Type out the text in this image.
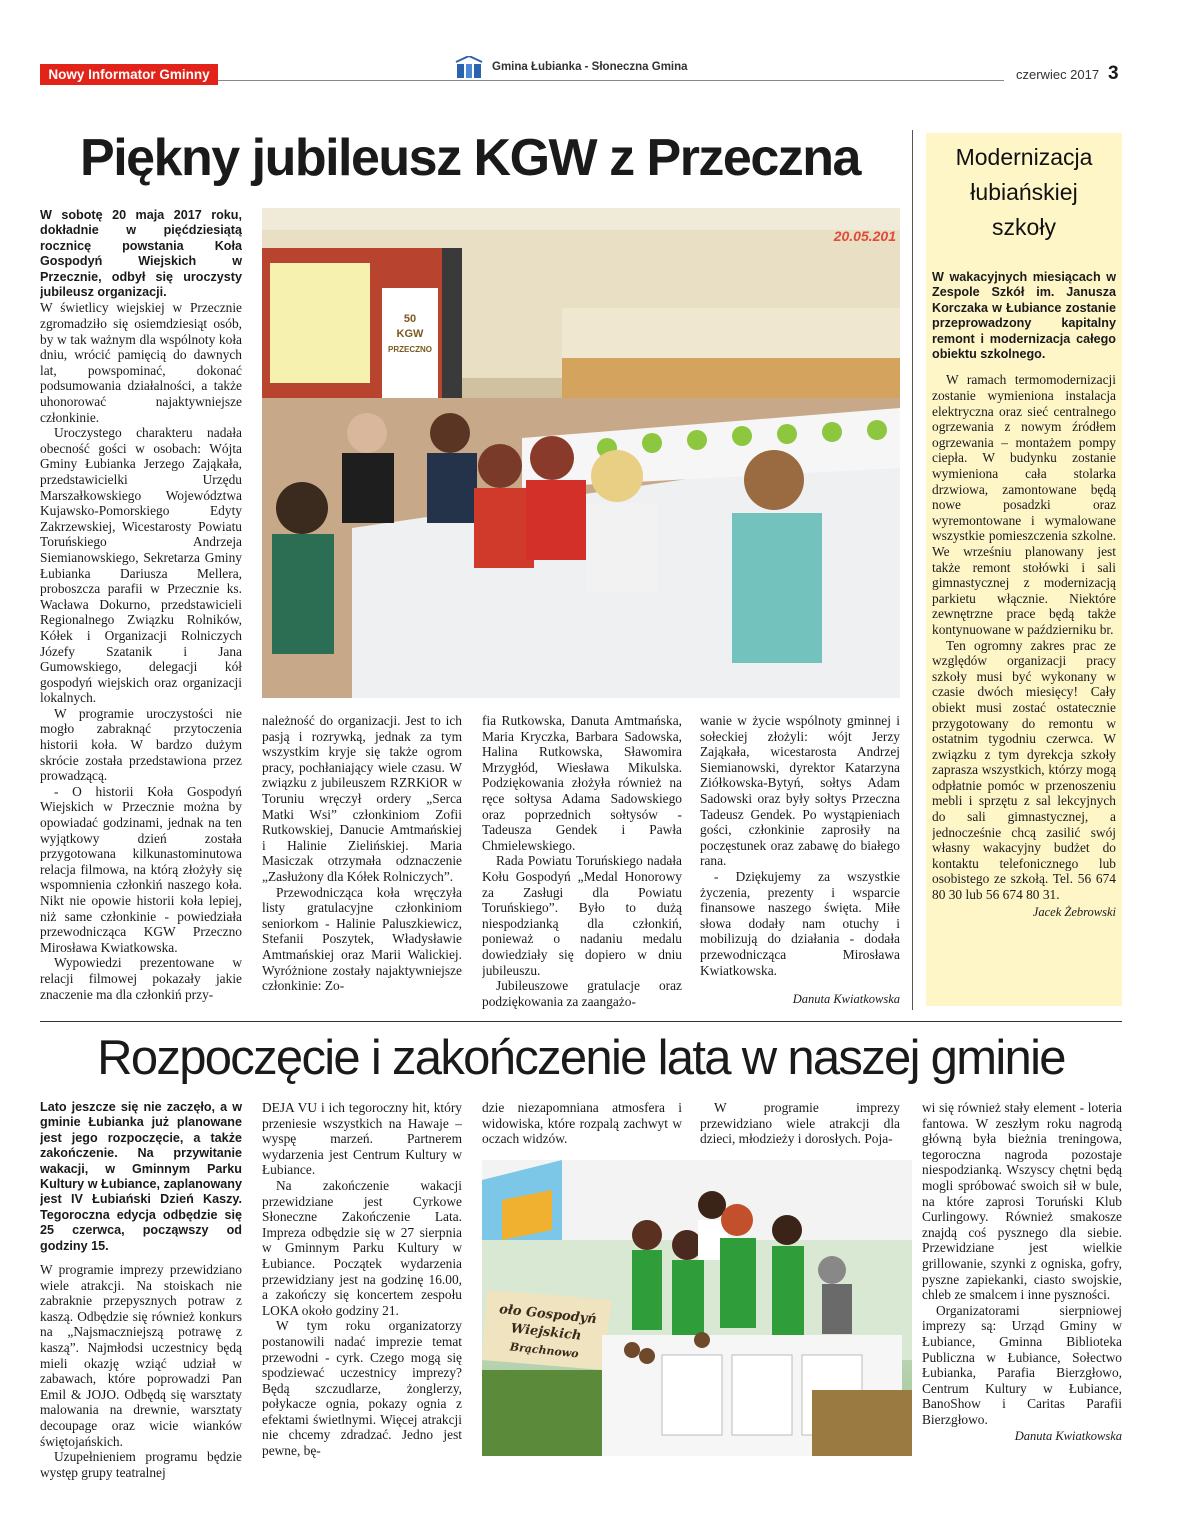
Nowy Informator Gminny	Gmina Łubianka - Słoneczna Gmina	czerwiec 2017 3
Piękny jubileusz KGW z Przeczna

W sobotę 20 maja 2017 roku, dokładnie w pięćdziesiątą rocznicę powstania Koła Gospodyń Wiejskich w Przecznie, odbył się uroczysty jubileusz organizacji.

W świetlicy wiejskiej w Przecznie zgromadziło się osiemdziesiąt osób, by w tak ważnym dla wspólnoty koła dniu, wrócić pamięcią do dawnych lat, powspominać, dokonać podsumowania działalności, a także uhonorować najaktywniejsze członkinie.

Uroczystego charakteru nadała obecność gości w osobach: Wójta Gminy Łubianka Jerzego Zająkała, przedstawicielki Urzędu Marszałkowskiego Województwa Kujawsko-Pomorskiego Edyty Zakrzewskiej, Wicestarosty Powiatu Toruńskiego Andrzeja Siemianowskiego, Sekretarza Gminy Łubianka Dariusza Mellera, proboszcza parafii w Przecznie ks. Wacława Dokurno, przedstawicieli Regionalnego Związku Rolników, Kółek i Organizacji Rolniczych Józefy Szatanik i Jana Gumowskiego, delegacji kół gospodyń wiejskich oraz organizacji lokalnych.

W programie uroczystości nie mogło zabraknąć przytoczenia historii koła. W bardzo dużym skrócie została przedstawiona przez prowadzącą.

- O historii Koła Gospodyń Wiejskich w Przecznie można by opowiadać godzinami, jednak na ten wyjątkowy dzień została przygotowana kilkunastominutowa relacja filmowa, na którą złożyły się wspomnienia członkiń naszego koła. Nikt nie opowie historii koła lepiej, niż same członkinie - powiedziała przewodnicząca KGW Przeczno Mirosława Kwiatkowska.

Wypowiedzi prezentowane w relacji filmowej pokazały jakie znaczenie ma dla członkiń przy-

20.05.201
50
KGW
PRZECZNO

należność do organizacji. Jest to ich pasją i rozrywką, jednak za tym wszystkim kryje się także ogrom pracy, pochłaniający wiele czasu. W związku z jubileuszem RZRKiOR w Toruniu wręczył ordery „Serca Matki Wsi” członkiniom Zofii Rutkowskiej, Danucie Amtmańskiej i Halinie Zielińskiej. Maria Masiczak otrzymała odznaczenie „Zasłużony dla Kółek Rolniczych”.

Przewodnicząca koła wręczyła listy gratulacyjne członkiniom seniorkom - Halinie Paluszkiewicz, Stefanii Poszytek, Władysławie Amtmańskiej oraz Marii Walickiej. Wyróżnione zostały najaktywniejsze członkinie: Zo-

fia Rutkowska, Danuta Amtmańska, Maria Kryczka, Barbara Sadowska, Halina Rutkowska, Sławomira Mrzygłód, Wiesława Mikulska. Podziękowania złożyła również na ręce sołtysa Adama Sadowskiego oraz poprzednich sołtysów - Tadeusza Gendek i Pawła Chmielewskiego.

Rada Powiatu Toruńskiego nadała Kołu Gospodyń „Medal Honorowy za Zasługi dla Powiatu Toruńskiego”. Było to dużą niespodzianką dla członkiń, ponieważ o nadaniu medalu dowiedziały się dopiero w dniu jubileuszu.

Jubileuszowe gratulacje oraz podziękowania za zaangażo-

wanie w życie wspólnoty gminnej i sołeckiej złożyli: wójt Jerzy Zająkała, wicestarosta Andrzej Siemianowski, dyrektor Katarzyna Ziółkowska-Bytyń, sołtys Adam Sadowski oraz były sołtys Przeczna Tadeusz Gendek. Po wystąpieniach gości, członkinie zaprosiły na poczęstunek oraz zabawę do białego rana.

- Dziękujemy za wszystkie życzenia, prezenty i wsparcie finansowe naszego święta. Miłe słowa dodały nam otuchy i mobilizują do działania - dodała przewodnicząca Mirosława Kwiatkowska.

Danuta Kwiatkowska

Modernizacja
łubiańskiej
szkoły

W wakacyjnych miesiącach w Zespole Szkół im. Janusza Korczaka w Łubiance zostanie przeprowadzony kapitalny remont i modernizacja całego obiektu szkolnego.

W ramach termomodernizacji zostanie wymieniona instalacja elektryczna oraz sieć centralnego ogrzewania z nowym źródłem ogrzewania – montażem pompy ciepła. W budynku zostanie wymieniona cała stolarka drzwiowa, zamontowane będą nowe posadzki oraz wyremontowane i wymalowane wszystkie pomieszczenia szkolne. We wrześniu planowany jest także remont stołówki i sali gimnastycznej z modernizacją parkietu włącznie. Niektóre zewnętrzne prace będą także kontynuowane w październiku br.

Ten ogromny zakres prac ze względów organizacji pracy szkoły musi być wykonany w czasie dwóch miesięcy! Cały obiekt musi zostać ostatecznie przygotowany do remontu w ostatnim tygodniu czerwca. W związku z tym dyrekcja szkoły zaprasza wszystkich, którzy mogą odpłatnie pomóc w przenoszeniu mebli i sprzętu z sal lekcyjnych do sali gimnastycznej, a jednocześnie chcą zasilić swój własny wakacyjny budżet do kontaktu telefonicznego lub osobistego ze szkołą. Tel. 56 674 80 30 lub 56 674 80 31.

Jacek Żebrowski

Rozpoczęcie i zakończenie lata w naszej gminie

Lato jeszcze się nie zaczęło, a w gminie Łubianka już planowane jest jego rozpoczęcie, a także zakończenie. Na przywitanie wakacji, w Gminnym Parku Kultury w Łubiance, zaplanowany jest IV Łubiański Dzień Kaszy. Tegoroczna edycja odbędzie się 25 czerwca, począwszy od godziny 15.

W programie imprezy przewidziano wiele atrakcji. Na stoiskach nie zabraknie przepysznych potraw z kaszą. Odbędzie się również konkurs na „Najsmaczniejszą potrawę z kaszą”. Najmłodsi uczestnicy będą mieli okazję wziąć udział w zabawach, które poprowadzi Pan Emil & JOJO. Odbędą się warsztaty malowania na drewnie, warsztaty decoupage oraz wicie wianków świętojańskich.

Uzupełnieniem programu będzie występ grupy teatralnej

DEJA VU i ich tegoroczny hit, który przeniesie wszystkich na Hawaje – wyspę marzeń. Partnerem wydarzenia jest Centrum Kultury w Łubiance.

Na zakończenie wakacji przewidziane jest Cyrkowe Słoneczne Zakończenie Lata. Impreza odbędzie się w 27 sierpnia w Gminnym Parku Kultury w Łubiance. Początek wydarzenia przewidziany jest na godzinę 16.00, a zakończy się koncertem zespołu LOKA około godziny 21.

W tym roku organizatorzy postanowili nadać imprezie temat przewodni - cyrk. Czego mogą się spodziewać uczestnicy imprezy? Będą szczudlarze, żonglerzy, połykacze ognia, pokazy ognia z efektami świetlnymi. Więcej atrakcji nie chcemy zdradzać. Jedno jest pewne, bę-

dzie niezapomniana atmosfera i widowiska, które rozpalą zachwyt w oczach widzów.

W programie imprezy przewidziano wiele atrakcji dla dzieci, młodzieży i dorosłych. Poja-

oło Gospodyń
Wiejskich
Brąchnowo

wi się również stały element - loteria fantowa. W zeszłym roku nagrodą główną była bieżnia treningowa, tegoroczna nagroda pozostaje niespodzianką. Wszyscy chętni będą mogli spróbować swoich sił w bule, na które zaprosi Toruński Klub Curlingowy. Również smakosze znajdą coś pysznego dla siebie. Przewidziane jest wielkie grillowanie, szynki z ogniska, gofry, pyszne zapiekanki, ciasto swojskie, chleb ze smalcem i inne pyszności.

Organizatorami sierpniowej imprezy są: Urząd Gminy w Łubiance, Gminna Biblioteka Publiczna w Łubiance, Sołectwo Łubianka, Parafia Bierzgłowo, Centrum Kultury w Łubiance, BanoShow i Caritas Parafii Bierzgłowo.

Danuta Kwiatkowska
